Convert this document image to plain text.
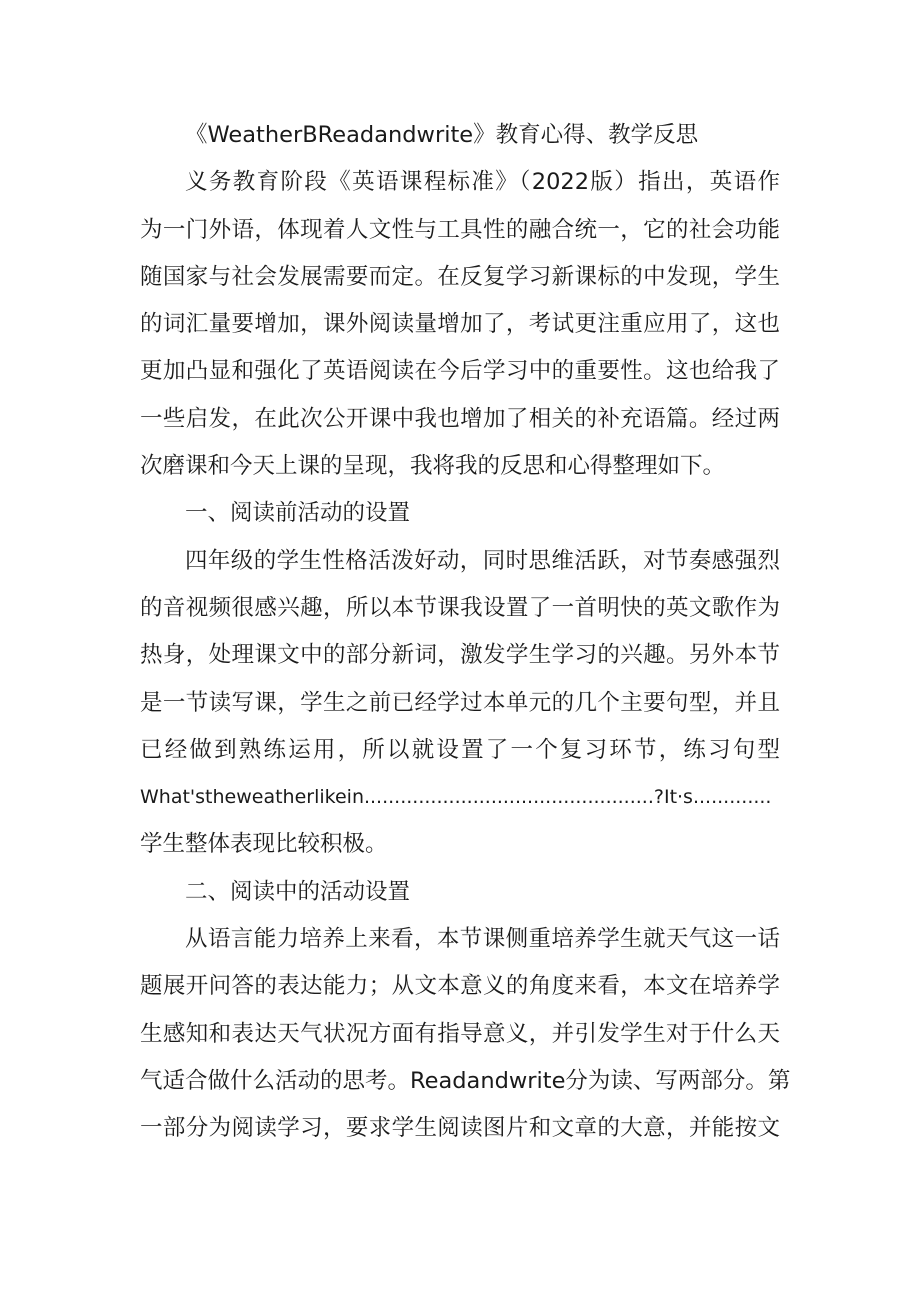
《WeatherBReadandwrite》教育心得、教学反思
义务教育阶段《英语课程标准》（2022版）指出，英语作
为一门外语，体现着人文性与工具性的融合统一，它的社会功能
随国家与社会发展需要而定。在反复学习新课标的中发现，学生
的词汇量要增加，课外阅读量增加了，考试更注重应用了，这也
更加凸显和强化了英语阅读在今后学习中的重要性。这也给我了
一些启发，在此次公开课中我也增加了相关的补充语篇。经过两
次磨课和今天上课的呈现，我将我的反思和心得整理如下。
一、阅读前活动的设置
四年级的学生性格活泼好动，同时思维活跃，对节奏感强烈
的音视频很感兴趣，所以本节课我设置了一首明快的英文歌作为
热身，处理课文中的部分新词，激发学生学习的兴趣。另外本节
是一节读写课，学生之前已经学过本单元的几个主要句型，并且
已经做到熟练运用，所以就设置了一个复习环节，练习句型
What'stheweatherlikein................................................?It·s.............
学生整体表现比较积极。
二、阅读中的活动设置
从语言能力培养上来看，本节课侧重培养学生就天气这一话
题展开问答的表达能力；从文本意义的角度来看，本文在培养学
生感知和表达天气状况方面有指导意义，并引发学生对于什么天
气适合做什么活动的思考。Readandwrite分为读、写两部分。第
一部分为阅读学习，要求学生阅读图片和文章的大意，并能按文
